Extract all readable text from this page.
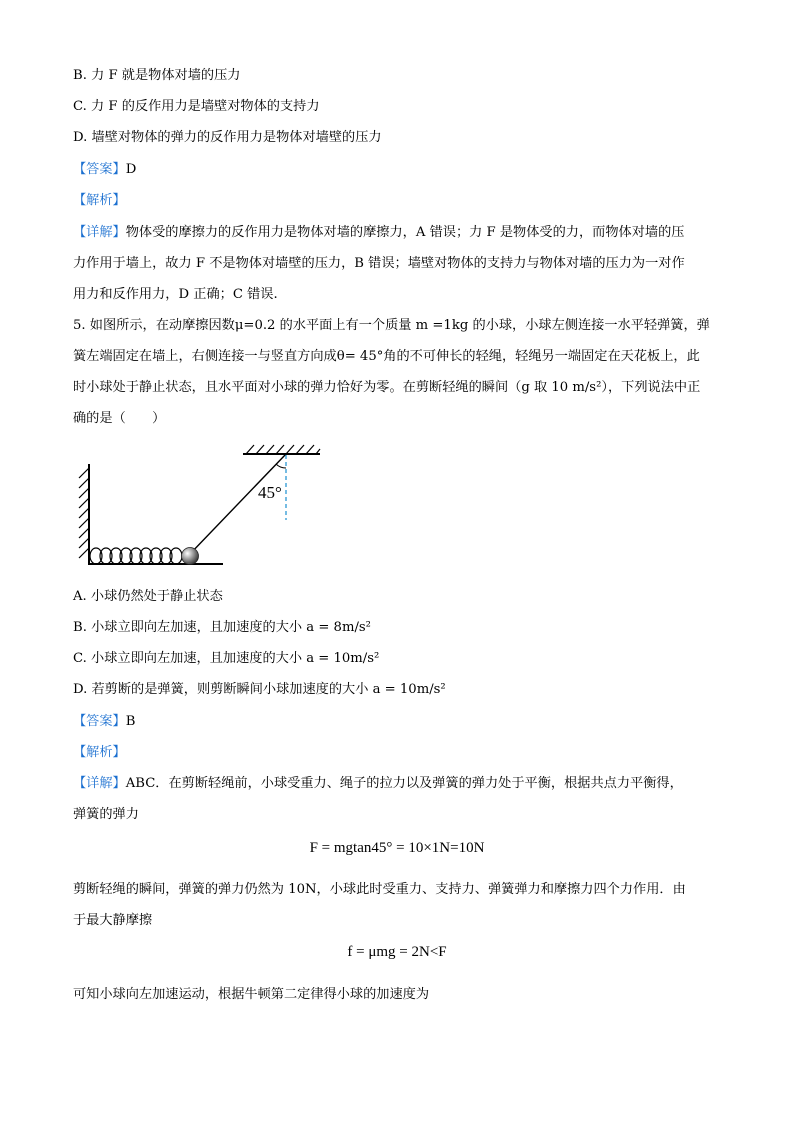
B. 力 F 就是物体对墙的压力
C. 力 F 的反作用力是墙壁对物体的支持力
D. 墙壁对物体的弹力的反作用力是物体对墙壁的压力
【答案】D
【解析】
【详解】物体受的摩擦力的反作用力是物体对墙的摩擦力，A 错误；力 F 是物体受的力，而物体对墙的压
力作用于墙上，故力 F 不是物体对墙壁的压力，B 错误；墙壁对物体的支持力与物体对墙的压力为一对作
用力和反作用力，D 正确；C 错误.
5. 如图所示，在动摩擦因数μ=0.2 的水平面上有一个质量 m =1kg 的小球，小球左侧连接一水平轻弹簧，弹
簧左端固定在墙上，右侧连接一与竖直方向成θ= 45°角的不可伸长的轻绳，轻绳另一端固定在天花板上，此
时小球处于静止状态，且水平面对小球的弹力恰好为零。在剪断轻绳的瞬间（g 取 10 m/s²），下列说法中正
确的是（　　）
45°
A. 小球仍然处于静止状态
B. 小球立即向左加速，且加速度的大小 a = 8m/s²
C. 小球立即向左加速，且加速度的大小 a = 10m/s²
D. 若剪断的是弹簧，则剪断瞬间小球加速度的大小 a = 10m/s²
【答案】B
【解析】
【详解】ABC．在剪断轻绳前，小球受重力、绳子的拉力以及弹簧的弹力处于平衡，根据共点力平衡得，
弹簧的弹力
F = mgtan45° = 10×1N=10N
剪断轻绳的瞬间，弹簧的弹力仍然为 10N，小球此时受重力、支持力、弹簧弹力和摩擦力四个力作用．由
于最大静摩擦
f = μmg = 2N<F
可知小球向左加速运动，根据牛顿第二定律得小球的加速度为
